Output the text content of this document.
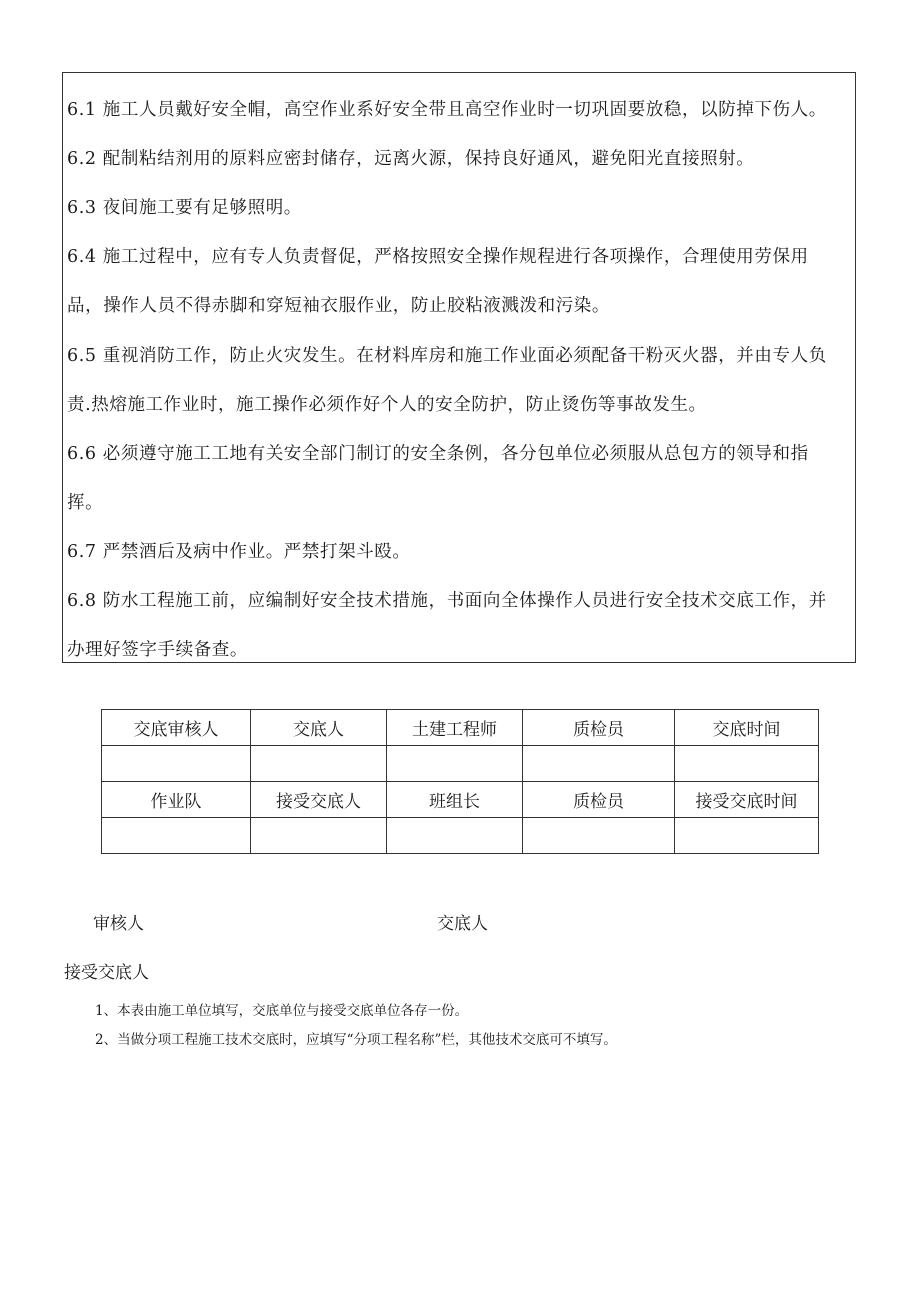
6.1 施工人员戴好安全帽，高空作业系好安全带且高空作业时一切巩固要放稳，以防掉下伤人。
6.2 配制粘结剂用的原料应密封储存，远离火源，保持良好通风，避免阳光直接照射。
6.3 夜间施工要有足够照明。
6.4 施工过程中，应有专人负责督促，严格按照安全操作规程进行各项操作，合理使用劳保用
品，操作人员不得赤脚和穿短袖衣服作业，防止胶粘液溅泼和污染。
6.5 重视消防工作，防止火灾发生。在材料库房和施工作业面必须配备干粉灭火器，并由专人负
责.热熔施工作业时，施工操作必须作好个人的安全防护，防止烫伤等事故发生。
6.6 必须遵守施工工地有关安全部门制订的安全条例，各分包单位必须服从总包方的领导和指
挥。
6.7 严禁酒后及病中作业。严禁打架斗殴。
6.8 防水工程施工前，应编制好安全技术措施，书面向全体操作人员进行安全技术交底工作，并
办理好签字手续备查。
交底审核人	交底人	土建工程师	质检员	交底时间

作业队	接受交底人	班组长	质检员	接受交底时间

审核人	交底人
接受交底人
1、本表由施工单位填写，交底单位与接受交底单位各存一份。
2、当做分项工程施工技术交底时，应填写“分项工程名称”栏，其他技术交底可不填写。
